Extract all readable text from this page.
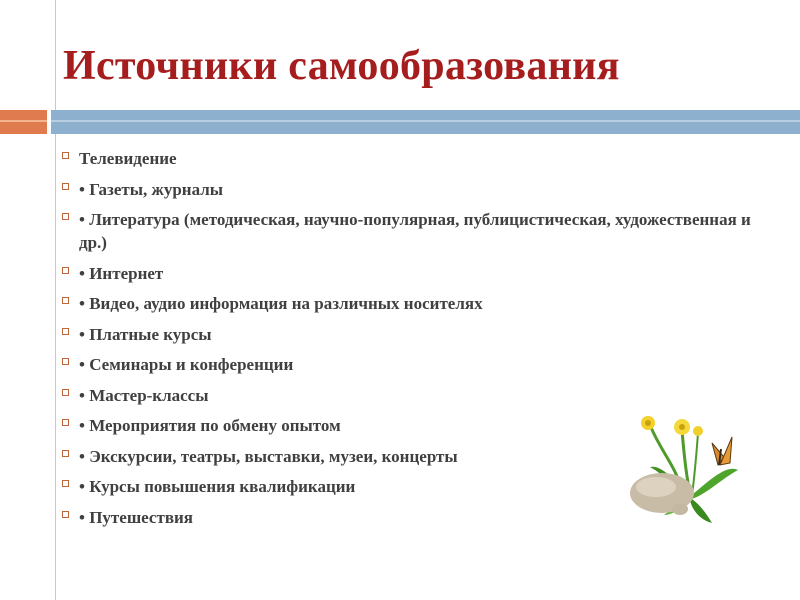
Источники самообразования
Телевидение
• Газеты, журналы
• Литература (методическая, научно-популярная, публицистическая, художественная и др.)
• Интернет
• Видео, аудио информация на различных носителях
• Платные курсы
• Семинары и конференции
• Мастер-классы
• Мероприятия по обмену опытом
• Экскурсии, театры, выставки, музеи, концерты
• Курсы повышения квалификации
• Путешествия
